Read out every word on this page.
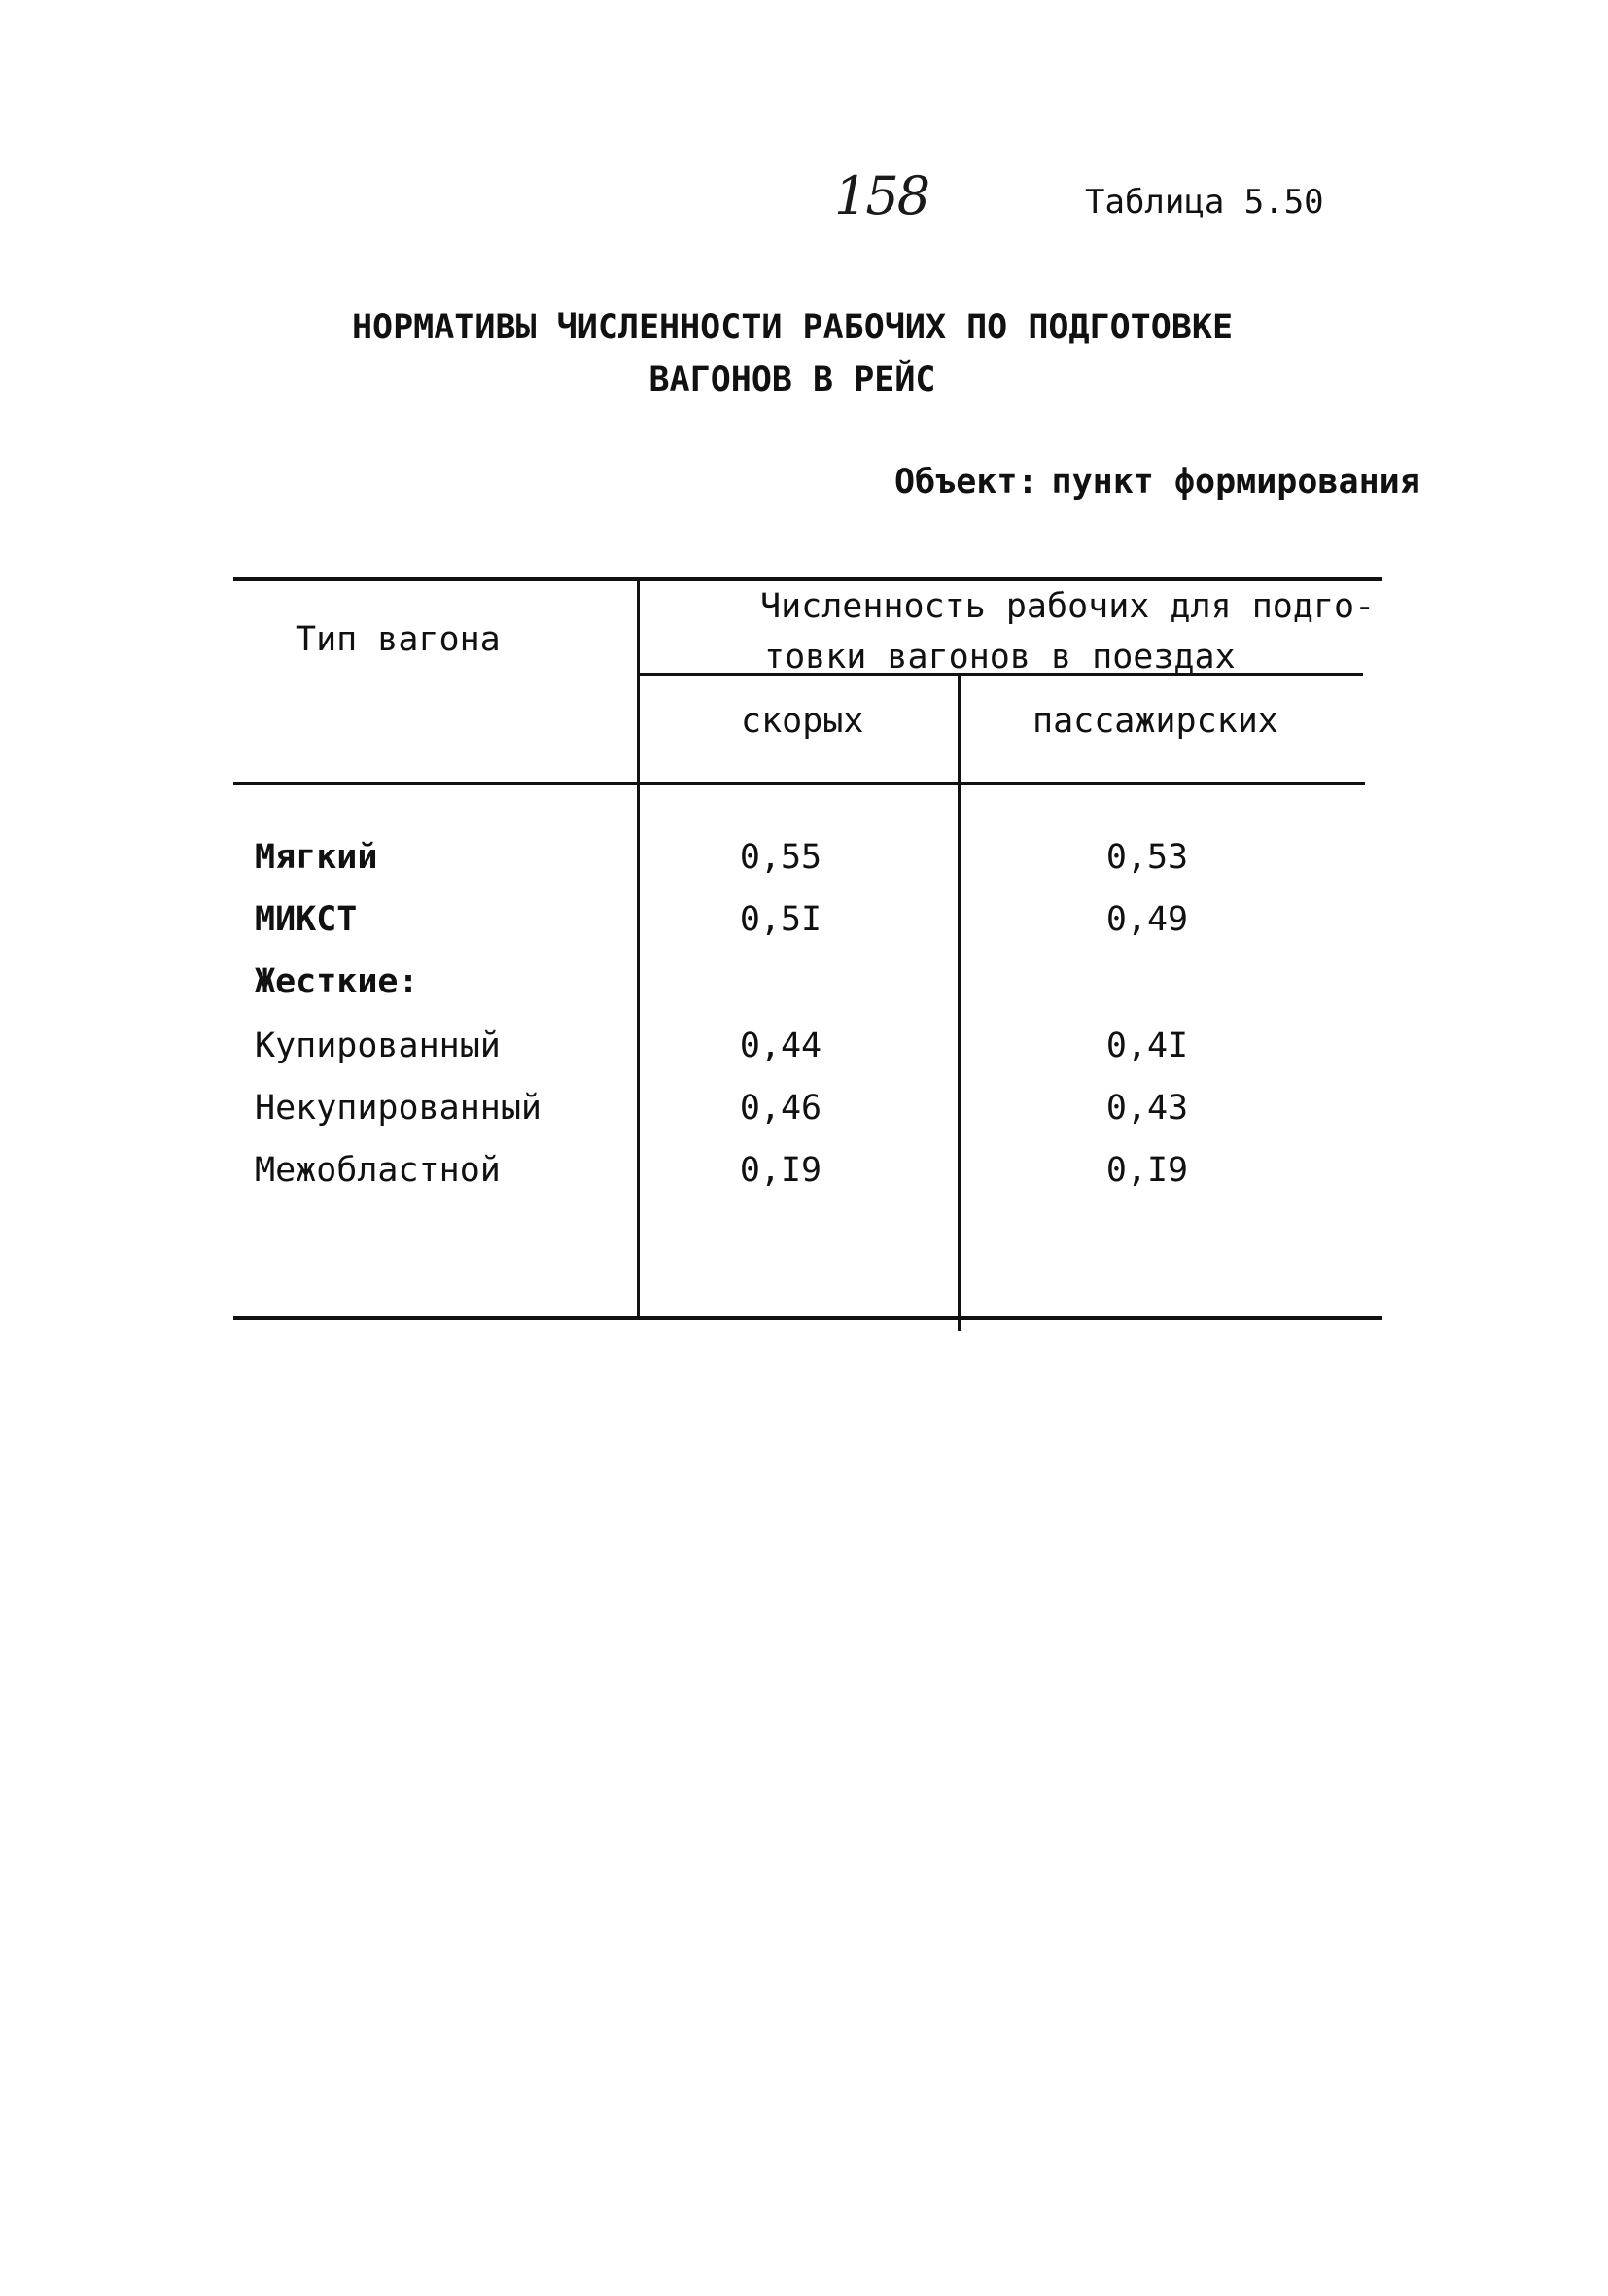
158	Таблица 5.50
НОРМАТИВЫ ЧИСЛЕННОСТИ РАБОЧИХ ПО ПОДГОТОВКЕ
ВАГОНОВ В РЕЙС
Объект: пункт формирования
Тип вагона
Численность рабочих для подго-
товки вагонов в поездах
скорых	пассажирских
Мягкий	0,55	0,53
МИКСТ	0,5I	0,49
Жесткие:
Купированный	0,44	0,4I
Некупированный	0,46	0,43
Межобластной	0,I9	0,I9
